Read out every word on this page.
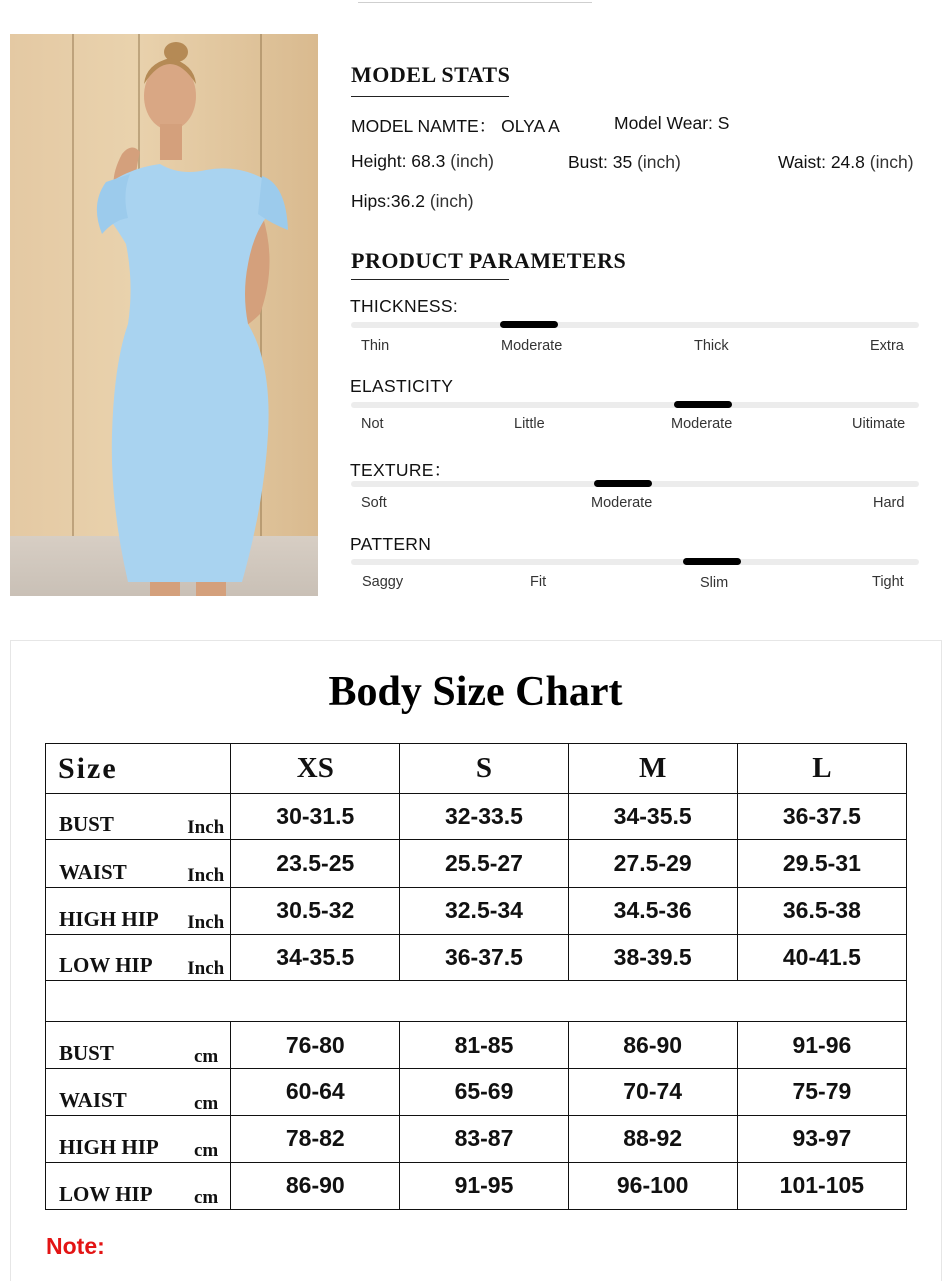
MODEL STATS
MODEL NAMTE： OLYA A	Model Wear: S
Height: 68.3 (inch)	Bust: 35 (inch)	Waist: 24.8 (inch)
Hips:36.2 (inch)
PRODUCT PARAMETERS
THICKNESS:
Thin	Moderate	Thick	Extra
ELASTICITY
Not	Little	Moderate	Uitimate
TEXTURE：
Soft	Moderate	Hard
PATTERN
Saggy	Fit	Slim	Tight
Body Size Chart
Size	XS	S	M	L

BUST Inch	30-31.5	32-33.5	34-35.5	36-37.5

WAIST Inch	23.5-25	25.5-27	27.5-29	29.5-31

HIGH HIP Inch	30.5-32	32.5-34	34.5-36	36.5-38

LOW HIP Inch	34-35.5	36-37.5	38-39.5	40-41.5

BUST cm	76-80	81-85	86-90	91-96

WAIST cm	60-64	65-69	70-74	75-79

HIGH HIP cm	78-82	83-87	88-92	93-97

LOW HIP cm	86-90	91-95	96-100	101-105
Note:
